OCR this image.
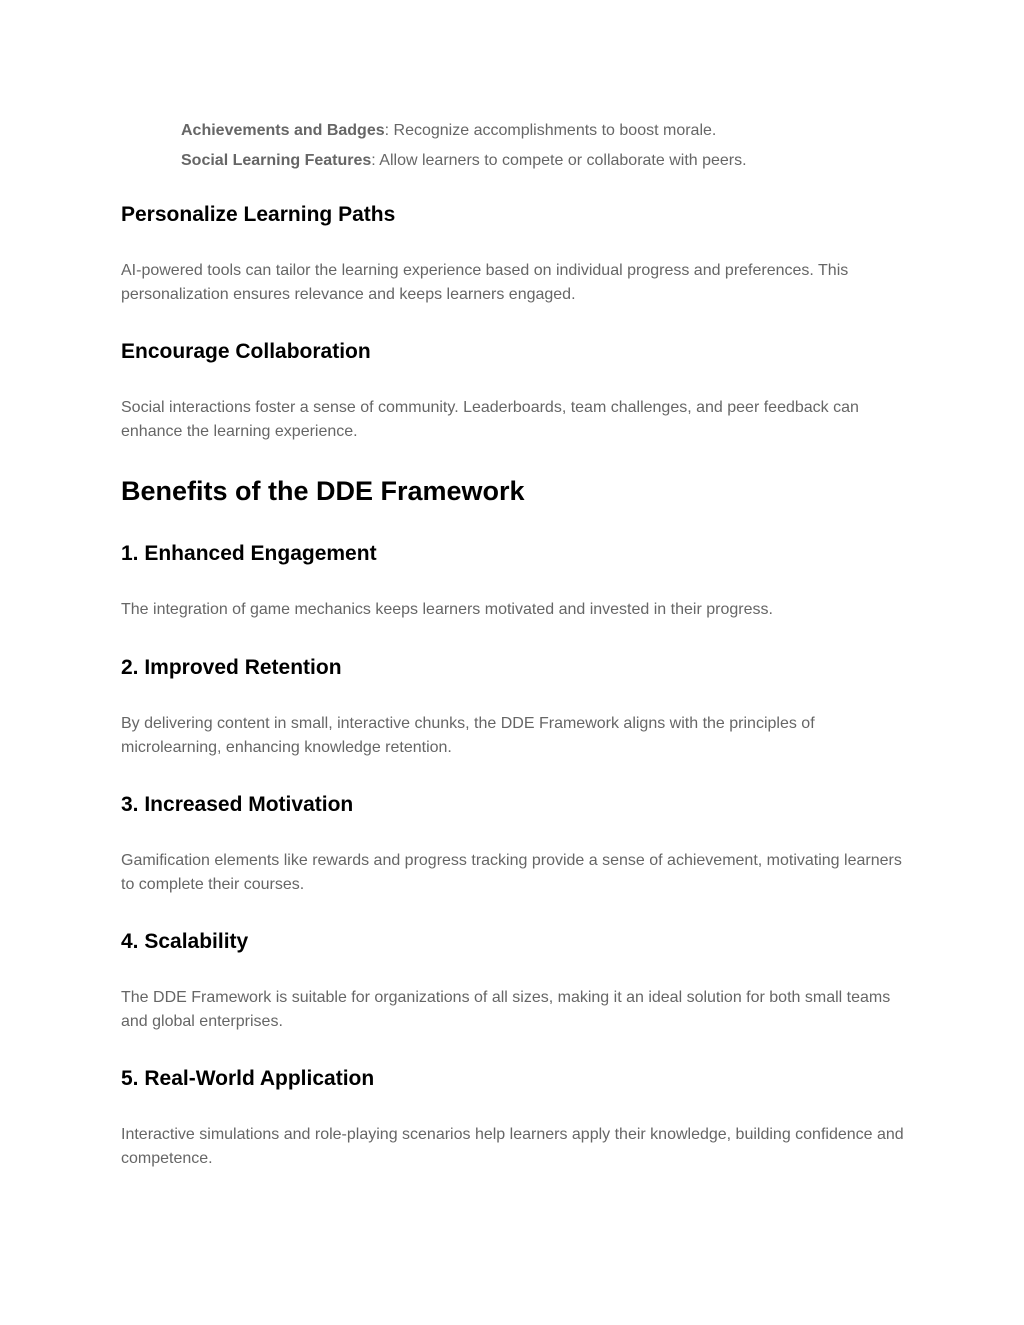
Achievements and Badges: Recognize accomplishments to boost morale.

Social Learning Features: Allow learners to compete or collaborate with peers.

Personalize Learning Paths

AI-powered tools can tailor the learning experience based on individual progress and preferences. This personalization ensures relevance and keeps learners engaged.

Encourage Collaboration

Social interactions foster a sense of community. Leaderboards, team challenges, and peer feedback can enhance the learning experience.

Benefits of the DDE Framework
1. Enhanced Engagement

The integration of game mechanics keeps learners motivated and invested in their progress.

2. Improved Retention

By delivering content in small, interactive chunks, the DDE Framework aligns with the principles of microlearning, enhancing knowledge retention.

3. Increased Motivation

Gamification elements like rewards and progress tracking provide a sense of achievement, motivating learners to complete their courses.

4. Scalability

The DDE Framework is suitable for organizations of all sizes, making it an ideal solution for both small teams and global enterprises.

5. Real-World Application

Interactive simulations and role-playing scenarios help learners apply their knowledge, building confidence and competence.
